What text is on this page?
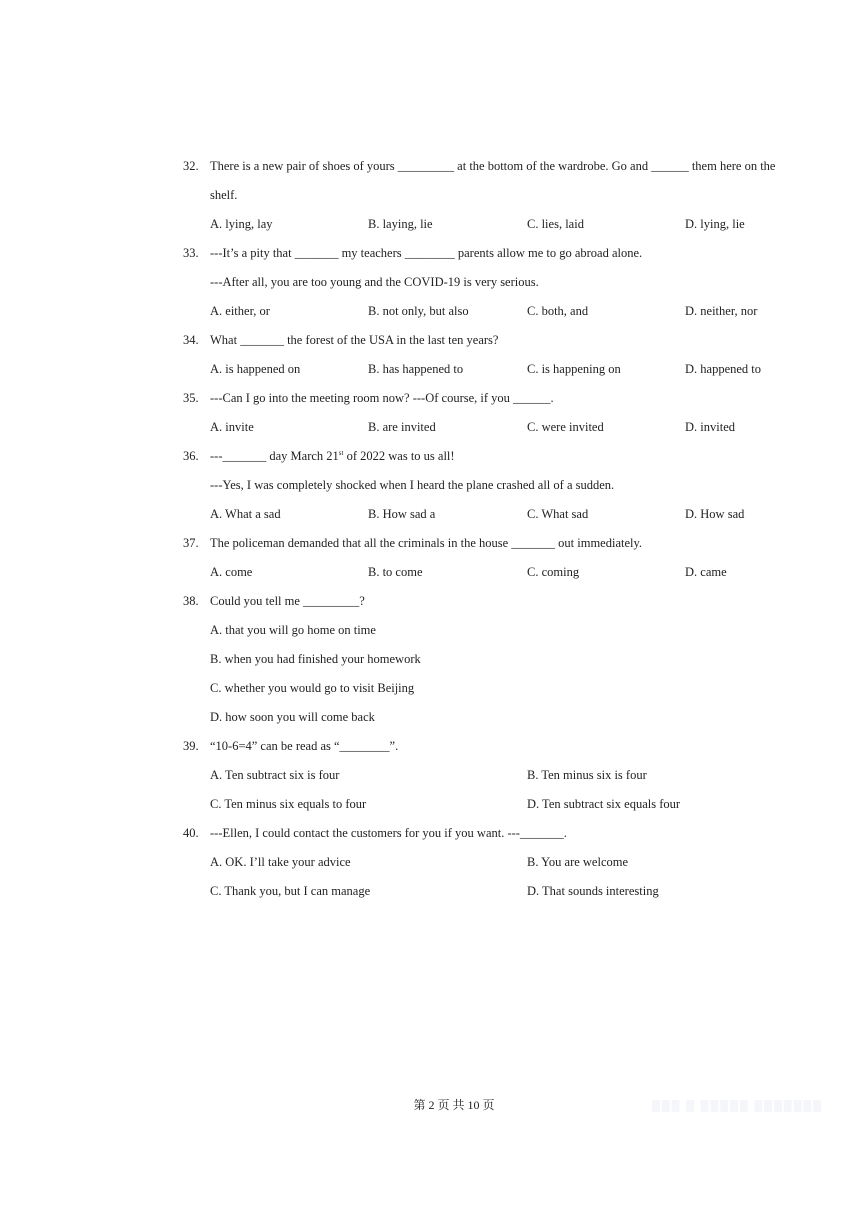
32. There is a new pair of shoes of yours _________ at the bottom of the wardrobe. Go and ______ them here on the
shelf.
A. lying, lay	B. laying, lie	C. lies, laid	D. lying, lie
33. ---It’s a pity that _______ my teachers ________ parents allow me to go abroad alone.
---After all, you are too young and the COVID-19 is very serious.
A. either, or	B. not only, but also	C. both, and	D. neither, nor
34. What _______ the forest of the USA in the last ten years?
A. is happened on	B. has happened to	C. is happening on	D. happened to
35. ---Can I go into the meeting room now? ---Of course, if you ______.
A. invite	B. are invited	C. were invited	D. invited
36. ---_______ day March 21st of 2022 was to us all!
---Yes, I was completely shocked when I heard the plane crashed all of a sudden.
A. What a sad	B. How sad a	C. What sad	D. How sad
37. The policeman demanded that all the criminals in the house _______ out immediately.
A. come	B. to come	C. coming	D. came
38. Could you tell me _________?
A. that you will go home on time
B. when you had finished your homework
C. whether you would go to visit Beijing
D. how soon you will come back
39. “10-6=4” can be read as “________”.
A. Ten subtract six is four	B. Ten minus six is four
C. Ten minus six equals to four	D. Ten subtract six equals four
40. ---Ellen, I could contact the customers for you if you want. ---_______.
A. OK. I’ll take your advice	B. You are welcome
C. Thank you, but I can manage	D. That sounds interesting
第 2 页 共 10 页	▒▒▒ ▒ ▒▒▒▒▒ ▒▒▒▒▒▒▒
